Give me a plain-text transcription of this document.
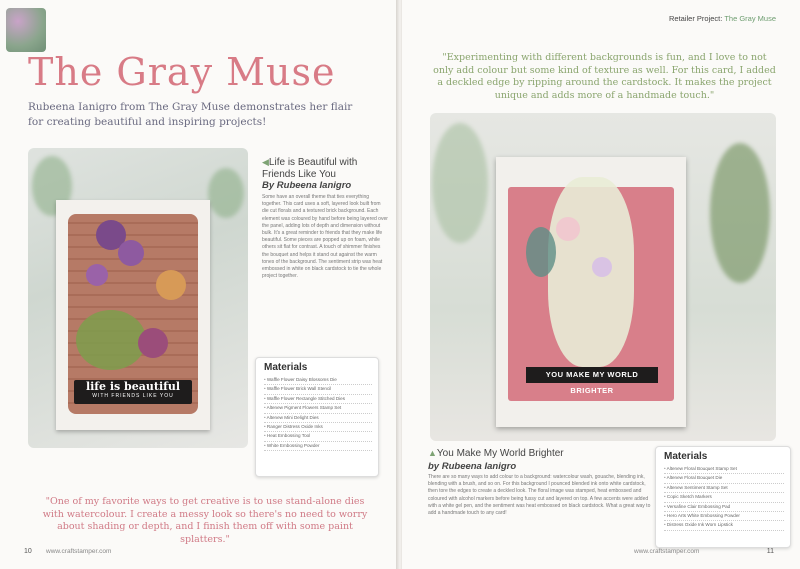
The Gray Muse
Rubeena Ianigro from The Gray Muse demonstrates her flair for creating beautiful and inspiring projects!
life is beautiful
WITH FRIENDS LIKE YOU
◀Life is Beautiful with Friends Like You
By Rubeena Ianigro
Some have an overall theme that ties everything together. This card uses a soft, layered look built from die cut florals and a textured brick background. Each element was coloured by hand before being layered over the panel, adding lots of depth and dimension without bulk. It's a great reminder to friends that they make life beautiful. Some pieces are popped up on foam, while others sit flat for contrast. A touch of shimmer finishes the bouquet and helps it stand out against the warm tones of the background. The sentiment strip was heat embossed in white on black cardstock to tie the whole project together.
Materials
• Waffle Flower Daisy Blossoms Die
• Waffle Flower Brick Wall Stencil
• Waffle Flower Rectangle Stitched Dies
• Altenew Pigment Flowers Stamp Set
• Altenew Mini Delight Dies
• Ranger Distress Oxide Inks
• Heat Embossing Tool
• White Embossing Powder
"One of my favorite ways to get creative is to use stand-alone dies with watercolour. I create a messy look so there's no need to worry about shading or depth, and I finish them off with some paint splatters."
10 www.craftstamper.com
Retailer Project: The Gray Muse
"Experimenting with different backgrounds is fun, and I love to not only add colour but some kind of texture as well. For this card, I added a deckled edge by ripping around the cardstock. It makes the project unique and adds more of a handmade touch."
YOU MAKE MY WORLD BRIGHTER
▲You Make My World Brighter
by Rubeena Ianigro
There are so many ways to add colour to a background: watercolour wash, gouache, blending ink, blending with a brush, and so on. For this background I pounced blended ink onto white cardstock, then tore the edges to create a deckled look. The floral image was stamped, heat embossed and coloured with alcohol markers before being fussy cut and layered on top. A few accents were added with a white gel pen, and the sentiment was heat embossed on black cardstock. What a great way to add a handmade touch to any card!
Materials
• Altenew Floral Bouquet Stamp Set
• Altenew Floral Bouquet Die
• Altenew Sentiment Stamp Set
• Copic Sketch Markers
• Versafine Clair Embossing Pad
• Hero Arts White Embossing Powder
• Distress Oxide Ink Worn Lipstick
www.craftstamper.com	11
